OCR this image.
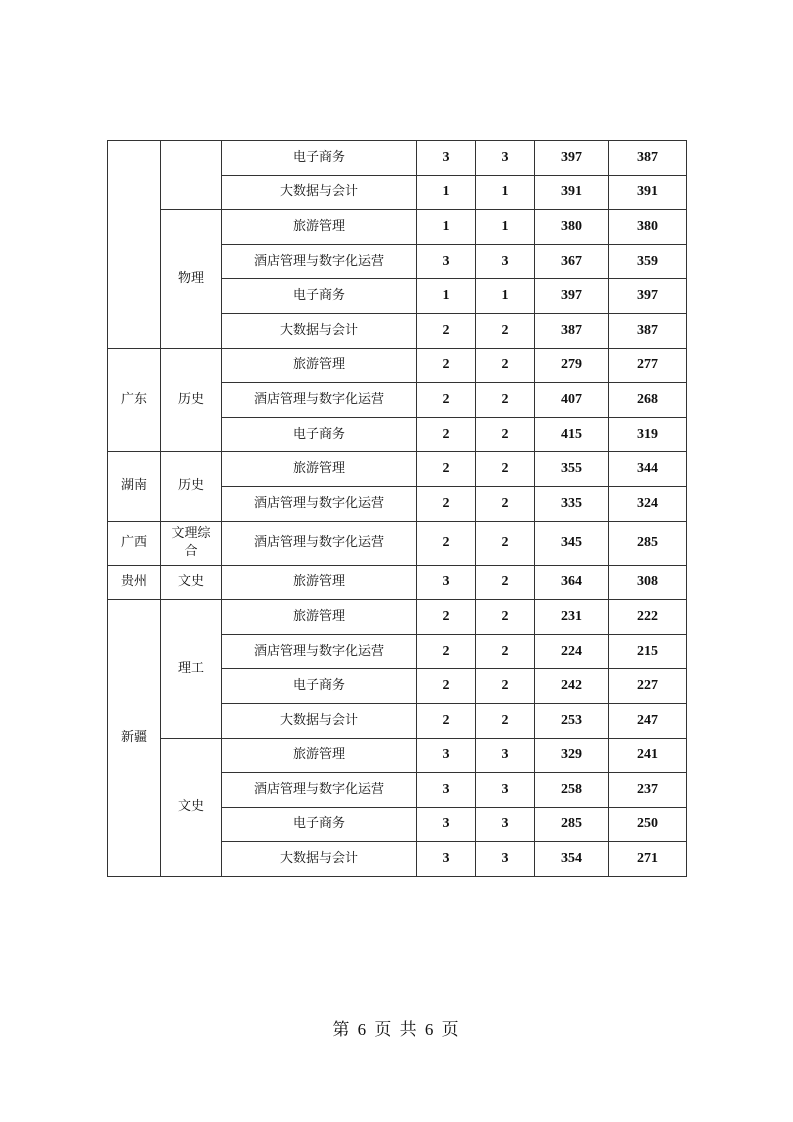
		电子商务	3	3	397	387
		大数据与会计	1	1	391	391
	物理	旅游管理	1	1	380	380
		酒店管理与数字化运营	3	3	367	359
		电子商务	1	1	397	397
		大数据与会计	2	2	387	387
广东	历史	旅游管理	2	2	279	277
		酒店管理与数字化运营	2	2	407	268
		电子商务	2	2	415	319
湖南	历史	旅游管理	2	2	355	344
		酒店管理与数字化运营	2	2	335	324
广西	文理综合	酒店管理与数字化运营	2	2	345	285
贵州	文史	旅游管理	3	2	364	308
新疆	理工	旅游管理	2	2	231	222
		酒店管理与数字化运营	2	2	224	215
		电子商务	2	2	242	227
		大数据与会计	2	2	253	247
	文史	旅游管理	3	3	329	241
		酒店管理与数字化运营	3	3	258	237
		电子商务	3	3	285	250
		大数据与会计	3	3	354	271
第 6 页 共 6 页
